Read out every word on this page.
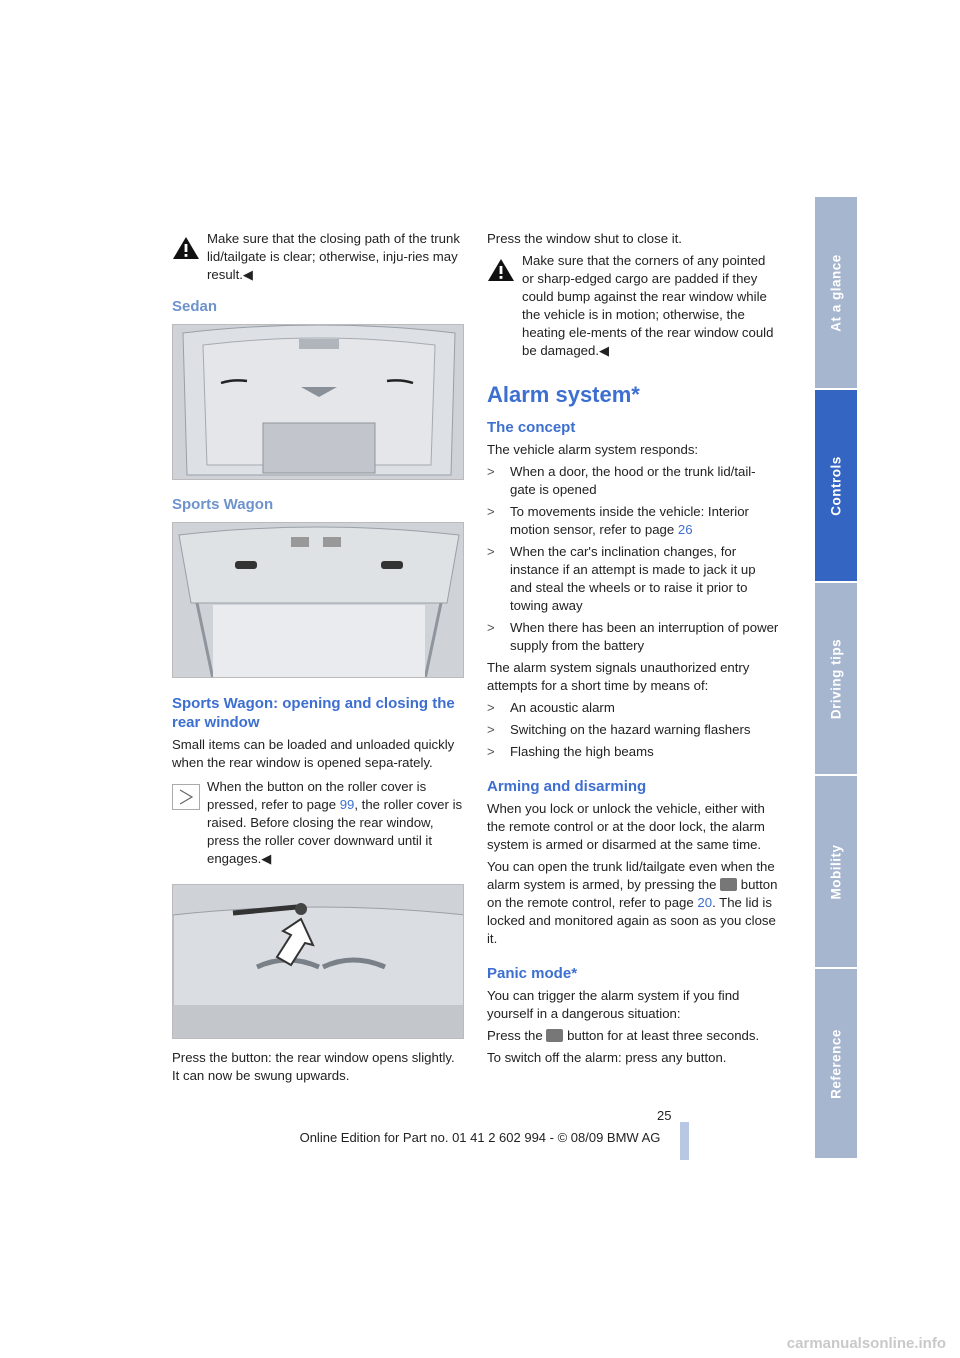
Make sure that the closing path of the trunk lid/tailgate is clear; otherwise, inju-ries may result.◀

Sedan
Sports Wagon
Sports Wagon: opening and closing the rear window

Small items can be loaded and unloaded quickly when the rear window is opened sepa-rately.

When the button on the roller cover is pressed, refer to page 99, the roller cover is raised. Before closing the rear window, press the roller cover downward until it engages.◀

Press the button: the rear window opens slightly. It can now be swung upwards.

Press the window shut to close it.

Make sure that the corners of any pointed or sharp-edged cargo are padded if they could bump against the rear window while the vehicle is in motion; otherwise, the heating ele-ments of the rear window could be damaged.◀

Alarm system*
The concept

The vehicle alarm system responds:

>	When a door, the hood or the trunk lid/tail-gate is opened
>	To movements inside the vehicle: Interior motion sensor, refer to page 26
>	When the car's inclination changes, for instance if an attempt is made to jack it up and steal the wheels or to raise it prior to towing away
>	When there has been an interruption of power supply from the battery

The alarm system signals unauthorized entry attempts for a short time by means of:

>	An acoustic alarm
>	Switching on the hazard warning flashers
>	Flashing the high beams
Arming and disarming

When you lock or unlock the vehicle, either with the remote control or at the door lock, the alarm system is armed or disarmed at the same time.

You can open the trunk lid/tailgate even when the alarm system is armed, by pressing the button on the remote control, refer to page 20. The lid is locked and monitored again as soon as you close it.

Panic mode*

You can trigger the alarm system if you find yourself in a dangerous situation:

Press the button for at least three seconds.

To switch off the alarm: press any button.

At a glance
Controls
Driving tips
Mobility
Reference
25
Online Edition for Part no. 01 41 2 602 994 - © 08/09 BMW AG
carmanualsonline.info
